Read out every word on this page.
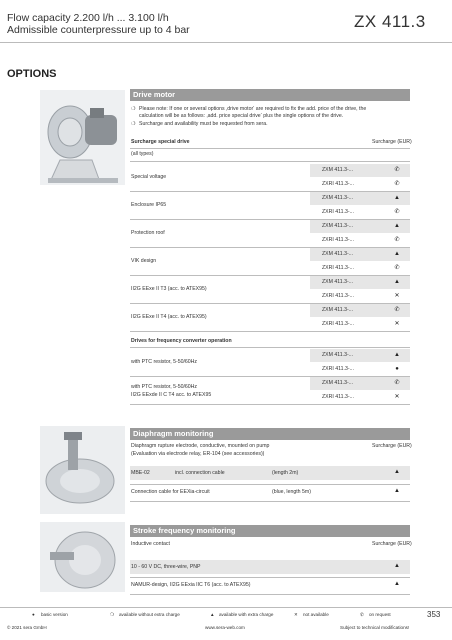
Flow capacity 2.200 l/h ... 3.100 l/h
Admissible counterpressure up to 4 bar	ZX 411.3
OPTIONS
Drive motor
❍ Please note: If one or several options ‚drive motor‘ are required to fix the add. price of the drive, the
calculation will be as follows: ‚add. price special drive‘ plus the single options of the drive.
❍ Surcharge and availability must be requested from sera.
Surcharge special drive	Surcharge (EUR)
(all types)
Special voltage
ZXM 411.3-...	✆
ZXRI 411.3-...	✆
Enclosure IP65
ZXM 411.3-...	▲
ZXRI 411.3-...	✆
Protection roof
ZXM 411.3-...	▲
ZXRI 411.3-...	✆
VIK design
ZXM 411.3-...	▲
ZXRI 411.3-...	✆
II2G EExe II T3 (acc. to ATEX95)
ZXM 411.3-...	▲
ZXRI 411.3-...	✕
II2G EExe II T4 (acc. to ATEX95)
ZXM 411.3-...	✆
ZXRI 411.3-...	✕
Drives for frequency converter operation
with PTC resistor, 5-50/60Hz
ZXM 411.3-...	▲
ZXRI 411.3-...	●
with PTC resistor, 5-50/60Hz
II2G EExde II C T4 acc. to ATEX95
ZXM 411.3-...	✆
ZXRI 411.3-...	✕
Diaphragm monitoring
Diaphragm rupture electrode, conductive, mounted on pump
(Evaluation via electrode relay, ER-104 (see accessories))
Surcharge (EUR)
MBE-02	incl. connection cable	(length 2m)	▲
Connection cable for EEXia-circuit	(blue, length 5m)	▲
Stroke frequency monitoring
Inductive contact	Surcharge (EUR)
10 - 60 V DC, three-wire, PNP	▲
NAMUR-design, II2G EExia IIC T6 (acc. to ATEX95)	▲
● basic version	❍ available without extra charge	▲ available with extra charge	✕ not available	✆ on request	353
© 2021 sera GmbH	www.sera-web.com	Subject to technical modifications!
